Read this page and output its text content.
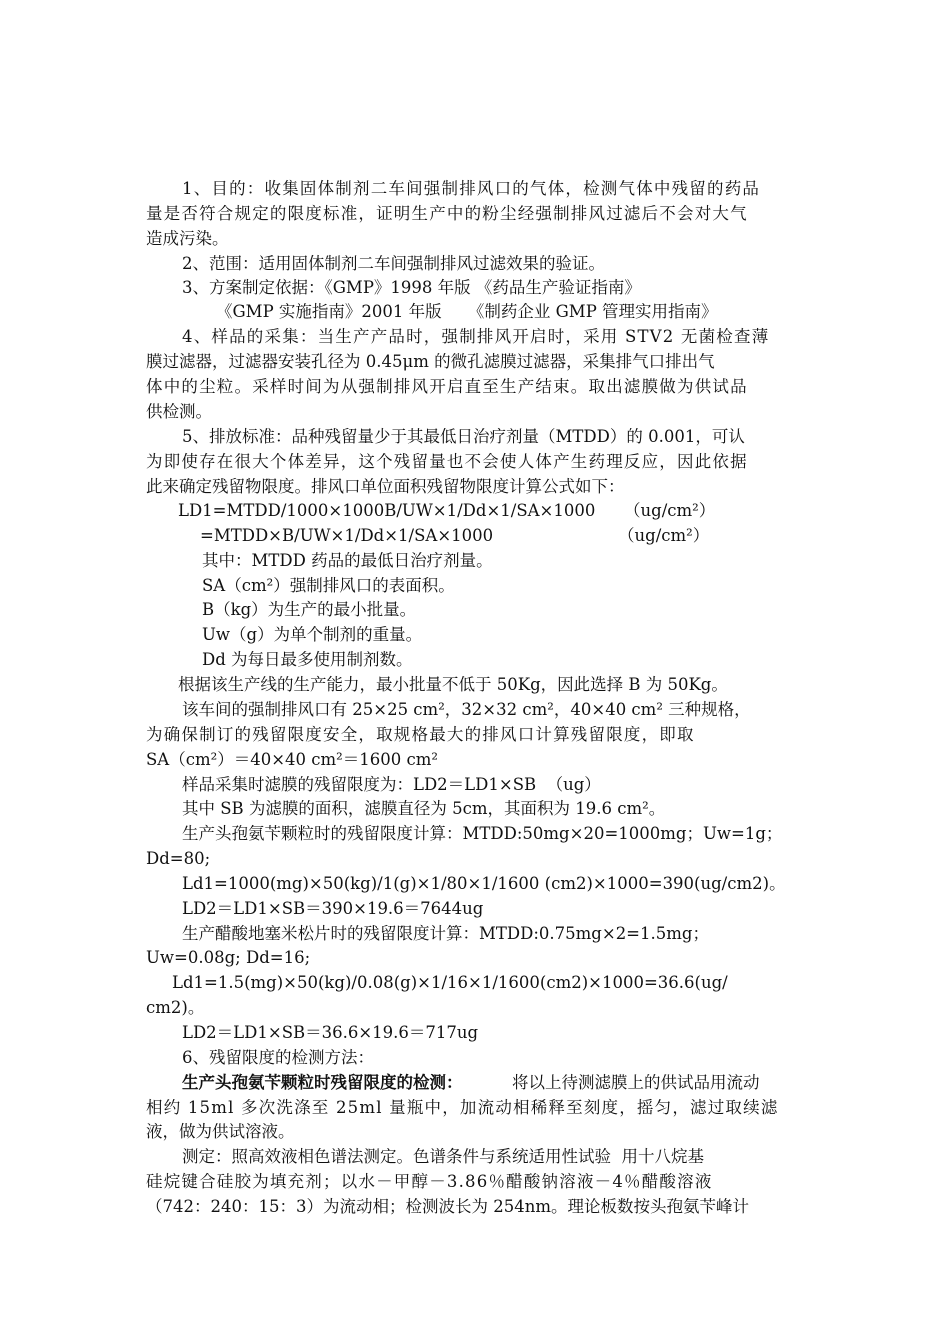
1、目的：收集固体制剂二车间强制排风口的气体，检测气体中残留的药品
量是否符合规定的限度标准，证明生产中的粉尘经强制排风过滤后不会对大气
造成污染。
2、范围：适用固体制剂二车间强制排风过滤效果的验证。
3、方案制定依据：《GMP》1998 年版 《药品生产验证指南》
《GMP 实施指南》2001 年版     《制药企业 GMP 管理实用指南》
4、样品的采集：当生产产品时，强制排风开启时，采用 STV2 无菌检查薄
膜过滤器，过滤器安装孔径为 0.45μm 的微孔滤膜过滤器，采集排气口排出气
体中的尘粒。采样时间为从强制排风开启直至生产结束。取出滤膜做为供试品
供检测。
5、排放标准：品种残留量少于其最低日治疗剂量（MTDD）的 0.001，可认
为即使存在很大个体差异，这个残留量也不会使人体产生药理反应，因此依据
此来确定残留物限度。排风口单位面积残留物限度计算公式如下：
LD1=MTDD/1000×1000B/UW×1/Dd×1/SA×1000 （ug/cm²）
=MTDD×B/UW×1/Dd×1/SA×1000	（ug/cm²）
其中：MTDD 药品的最低日治疗剂量。
SA（cm²）强制排风口的表面积。
B（kg）为生产的最小批量。
Uw（g）为单个制剂的重量。
Dd 为每日最多使用制剂数。
根据该生产线的生产能力，最小批量不低于 50Kg，因此选择 B 为 50Kg。
该车间的强制排风口有 25×25 cm²，32×32 cm²，40×40 cm² 三种规格，
为确保制订的残留限度安全，取规格最大的排风口计算残留限度，即取
SA（cm²）＝40×40 cm²＝1600 cm²
样品采集时滤膜的残留限度为：LD2＝LD1×SB  （ug）
其中 SB 为滤膜的面积，滤膜直径为 5cm，其面积为 19.6 cm²。
生产头孢氨苄颗粒时的残留限度计算：MTDD:50mg×20=1000mg；Uw=1g；
Dd=80;
Ld1=1000(mg)×50(kg)/1(g)×1/80×1/1600 (cm2)×1000=390(ug/cm2)。
LD2＝LD1×SB＝390×19.6＝7644ug
生产醋酸地塞米松片时的残留限度计算：MTDD:0.75mg×2=1.5mg；
Uw=0.08g; Dd=16;
Ld1=1.5(mg)×50(kg)/0.08(g)×1/16×1/1600(cm2)×1000=36.6(ug/
cm2)。
LD2＝LD1×SB＝36.6×19.6＝717ug
6、残留限度的检测方法：
生产头孢氨苄颗粒时残留限度的检测：	将以上待测滤膜上的供试品用流动
相约 15ml 多次洗涤至 25ml 量瓶中，加流动相稀释至刻度，摇匀，滤过取续滤
液，做为供试溶液。
测定：照高效液相色谱法测定。色谱条件与系统适用性试验  用十八烷基
硅烷键合硅胶为填充剂；以水－甲醇－3.86％醋酸钠溶液－4％醋酸溶液
（742：240：15：3）为流动相；检测波长为 254nm。理论板数按头孢氨苄峰计
